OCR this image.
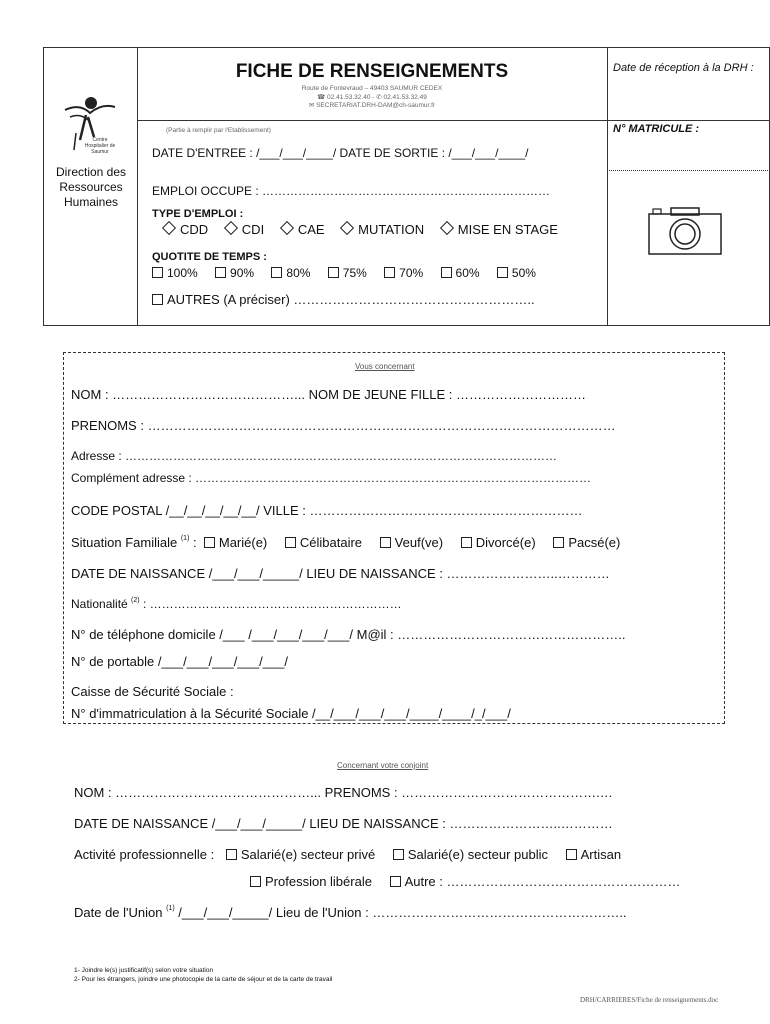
Centre Hospitalier de Saumur
Direction des Ressources Humaines
FICHE DE RENSEIGNEMENTS
Route de Fontevraud – 49403 SAUMUR CEDEX
☎ 02.41.53.32.40 - ✆ 02.41.53.32.49
✉ SECRETARIAT.DRH-DAM@ch-saumur.fr
Date de réception à la DRH :
N° MATRICULE :
(Partie à remplir par l'Etablissement)
DATE D'ENTREE : /___/___/____/ DATE DE SORTIE : /___/___/____/
EMPLOI OCCUPE : ………………………………………………………………
TYPE D'EMPLOI :
CDD	CDI	CAE	MUTATION	MISE EN STAGE
QUOTITE DE TEMPS :
100%	90%	80%	75%	70%	60%	50%
AUTRES (A préciser) ………………………………………………..
Vous concernant
NOM : ……………………………………... NOM DE JEUNE FILLE : …………………………
PRENOMS : ………………………………………………………………………………………………
Adresse : ………………………………………………………………………………………………
Complément adresse : ………………………………………………………………………………………
CODE POSTAL /__/__/__/__/__/ VILLE : ………………………………………………………
Situation Familiale $^{(1)}$ :  Marié(e)	Célibataire	Veuf(ve)	Divorcé(e)	Pacsé(e)
DATE DE NAISSANCE /___/___/_____/ LIEU DE NAISSANCE : ……………………..…………
Nationalité $^{(2)}$ : ………………………………………………………
N° de téléphone domicile /___ /___/___/___/___/ M@il : ……………………………………………..
N° de portable /___/___/___/___/___/
Caisse de Sécurité Sociale :
N° d'immatriculation à la Sécurité Sociale /__/___/___/___/____/____/_/___/
Concernant votre conjoint
NOM : ………………………………………... PRENOMS : ……………………………………….…
DATE DE NAISSANCE /___/___/_____/ LIEU DE NAISSANCE : ……………………..…………
Activité professionnelle : Salarié(e) secteur privé	Salarié(e) secteur public	Artisan
Profession libérale	Autre : ………………………………………………
Date de l'Union $^{(1)}$ /___/___/_____/ Lieu de l'Union : …………………………………………………..
1- Joindre le(s) justificatif(s) selon votre situation
2- Pour les étrangers, joindre une photocopie de la carte de séjour et de la carte de travail
DRH/CARRIERES/Fiche de renseignements.doc
